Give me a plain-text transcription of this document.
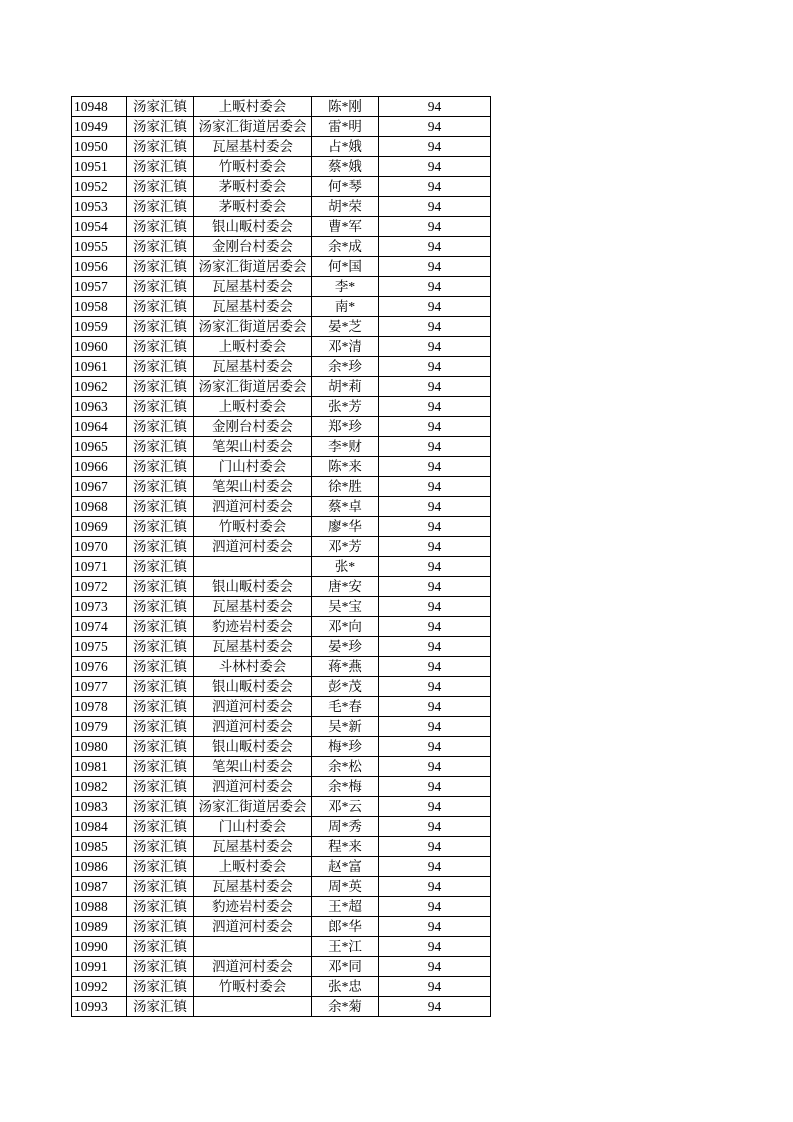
10948	汤家汇镇	上畈村委会	陈*刚	94
10949	汤家汇镇	汤家汇街道居委会	雷*明	94
10950	汤家汇镇	瓦屋基村委会	占*娥	94
10951	汤家汇镇	竹畈村委会	蔡*娥	94
10952	汤家汇镇	茅畈村委会	何*琴	94
10953	汤家汇镇	茅畈村委会	胡*荣	94
10954	汤家汇镇	银山畈村委会	曹*军	94
10955	汤家汇镇	金刚台村委会	余*成	94
10956	汤家汇镇	汤家汇街道居委会	何*国	94
10957	汤家汇镇	瓦屋基村委会	李*	94
10958	汤家汇镇	瓦屋基村委会	南*	94
10959	汤家汇镇	汤家汇街道居委会	晏*芝	94
10960	汤家汇镇	上畈村委会	邓*清	94
10961	汤家汇镇	瓦屋基村委会	余*珍	94
10962	汤家汇镇	汤家汇街道居委会	胡*莉	94
10963	汤家汇镇	上畈村委会	张*芳	94
10964	汤家汇镇	金刚台村委会	郑*珍	94
10965	汤家汇镇	笔架山村委会	李*财	94
10966	汤家汇镇	门山村委会	陈*来	94
10967	汤家汇镇	笔架山村委会	徐*胜	94
10968	汤家汇镇	泗道河村委会	蔡*卓	94
10969	汤家汇镇	竹畈村委会	廖*华	94
10970	汤家汇镇	泗道河村委会	邓*芳	94
10971	汤家汇镇		张*	94
10972	汤家汇镇	银山畈村委会	唐*安	94
10973	汤家汇镇	瓦屋基村委会	吴*宝	94
10974	汤家汇镇	豹迹岩村委会	邓*向	94
10975	汤家汇镇	瓦屋基村委会	晏*珍	94
10976	汤家汇镇	斗林村委会	蒋*燕	94
10977	汤家汇镇	银山畈村委会	彭*茂	94
10978	汤家汇镇	泗道河村委会	毛*春	94
10979	汤家汇镇	泗道河村委会	吴*新	94
10980	汤家汇镇	银山畈村委会	梅*珍	94
10981	汤家汇镇	笔架山村委会	余*松	94
10982	汤家汇镇	泗道河村委会	余*梅	94
10983	汤家汇镇	汤家汇街道居委会	邓*云	94
10984	汤家汇镇	门山村委会	周*秀	94
10985	汤家汇镇	瓦屋基村委会	程*来	94
10986	汤家汇镇	上畈村委会	赵*富	94
10987	汤家汇镇	瓦屋基村委会	周*英	94
10988	汤家汇镇	豹迹岩村委会	王*超	94
10989	汤家汇镇	泗道河村委会	郎*华	94
10990	汤家汇镇		王*江	94
10991	汤家汇镇	泗道河村委会	邓*同	94
10992	汤家汇镇	竹畈村委会	张*忠	94
10993	汤家汇镇		余*菊	94
